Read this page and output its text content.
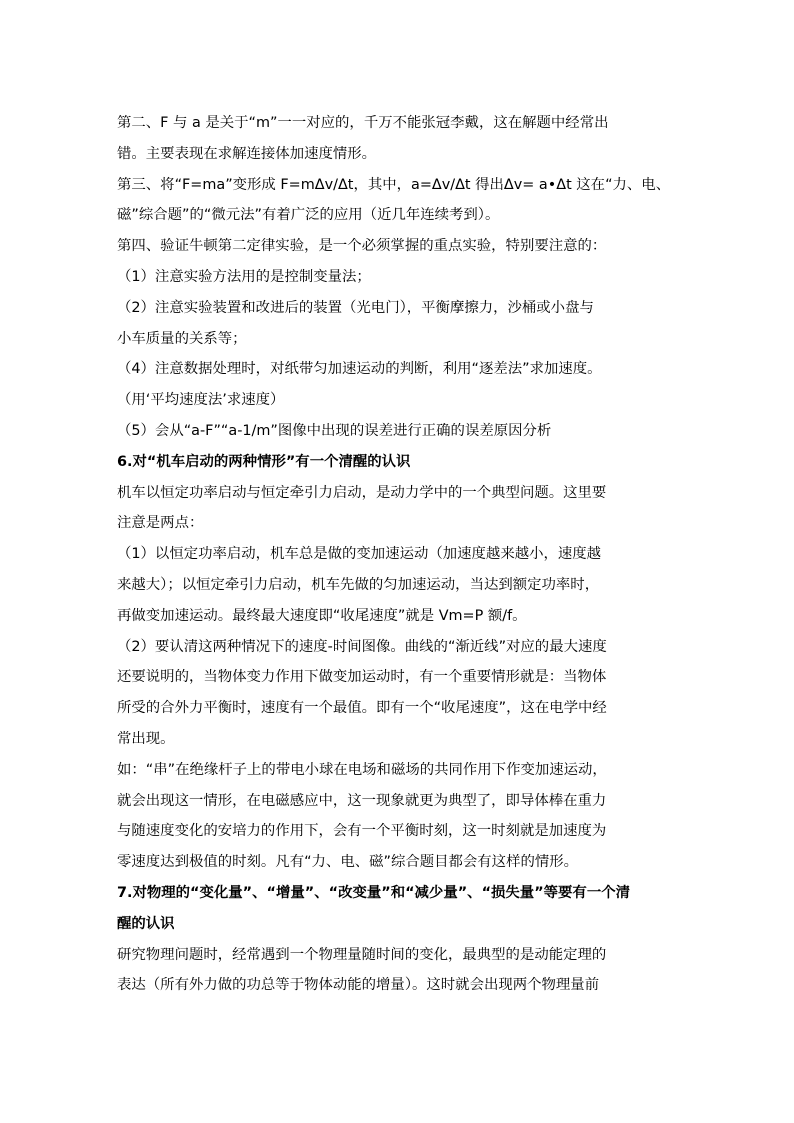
第二、F 与 a 是关于“m”一一对应的，千万不能张冠李戴，这在解题中经常出
错。主要表现在求解连接体加速度情形。
第三、将“F=ma”变形成 F=mΔv/Δt，其中，a=Δv/Δt 得出Δv= a•Δt 这在“力、电、
磁”综合题”的“微元法”有着广泛的应用（近几年连续考到）。
第四、验证牛顿第二定律实验，是一个必须掌握的重点实验，特别要注意的：
（1）注意实验方法用的是控制变量法；
（2）注意实验装置和改进后的装置（光电门），平衡摩擦力，沙桶或小盘与
小车质量的关系等；
（4）注意数据处理时，对纸带匀加速运动的判断，利用“逐差法”求加速度。
（用‘平均速度法’求速度）
（5）会从“a-F”“a-1/m”图像中出现的误差进行正确的误差原因分析
6.对“机车启动的两种情形”有一个清醒的认识
机车以恒定功率启动与恒定牵引力启动，是动力学中的一个典型问题。这里要
注意是两点：
（1）以恒定功率启动，机车总是做的变加速运动（加速度越来越小，速度越
来越大）；以恒定牵引力启动，机车先做的匀加速运动，当达到额定功率时，
再做变加速运动。最终最大速度即“收尾速度”就是 Vm=P 额/f。
（2）要认清这两种情况下的速度-时间图像。曲线的“渐近线”对应的最大速度
还要说明的，当物体变力作用下做变加运动时，有一个重要情形就是：当物体
所受的合外力平衡时，速度有一个最值。即有一个“收尾速度”，这在电学中经
常出现。
如：“串”在绝缘杆子上的带电小球在电场和磁场的共同作用下作变加速运动，
就会出现这一情形，在电磁感应中，这一现象就更为典型了，即导体棒在重力
与随速度变化的安培力的作用下，会有一个平衡时刻，这一时刻就是加速度为
零速度达到极值的时刻。凡有“力、电、磁”综合题目都会有这样的情形。
7.对物理的“变化量”、“增量”、“改变量”和“减少量”、“损失量”等要有一个清
醒的认识
研究物理问题时，经常遇到一个物理量随时间的变化，最典型的是动能定理的
表达（所有外力做的功总等于物体动能的增量）。这时就会出现两个物理量前
